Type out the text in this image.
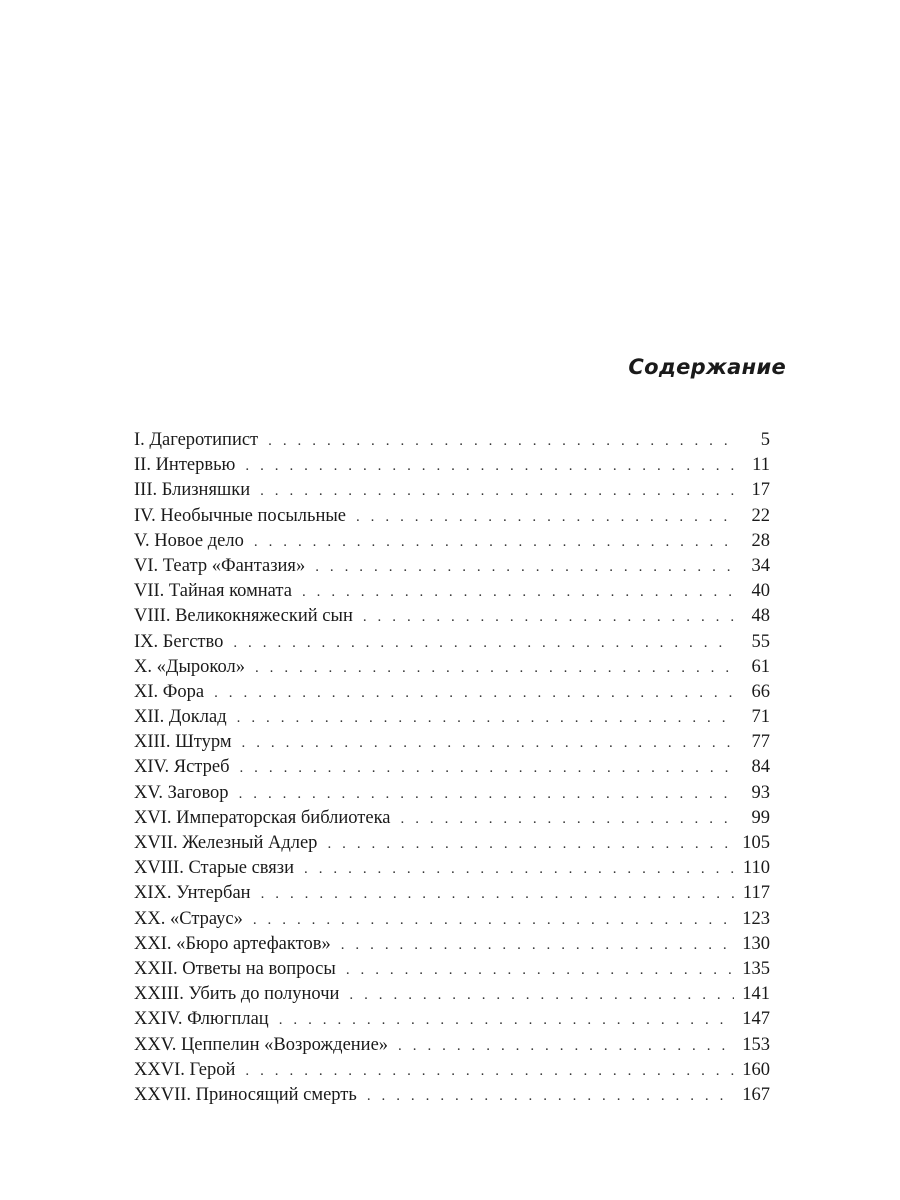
Содержание
I. Дагеротипист . . .	5
II. Интервью . . .	11
III. Близняшки . . .	17
IV. Необычные посыльные . . .	22
V. Новое дело . . .	28
VI. Театр «Фантазия» . . .	34
VII. Тайная комната . . .	40
VIII. Великокняжеский сын . . .	48
IX. Бегство . . .	55
X. «Дырокол» . . .	61
XI. Фора . . .	66
XII. Доклад . . .	71
XIII. Штурм . . .	77
XIV. Ястреб . . .	84
XV. Заговор . . .	93
XVI. Императорская библиотека . . .	99
XVII. Железный Адлер . . .	105
XVIII. Старые связи . . .	110
XIX. Унтербан . . .	117
XX. «Страус» . . .	123
XXI. «Бюро артефактов» . . .	130
XXII. Ответы на вопросы . . .	135
XXIII. Убить до полуночи . . .	141
XXIV. Флюгплац . . .	147
XXV. Цеппелин «Возрождение» . . .	153
XXVI. Герой . . .	160
XXVII. Приносящий смерть . . .	167
